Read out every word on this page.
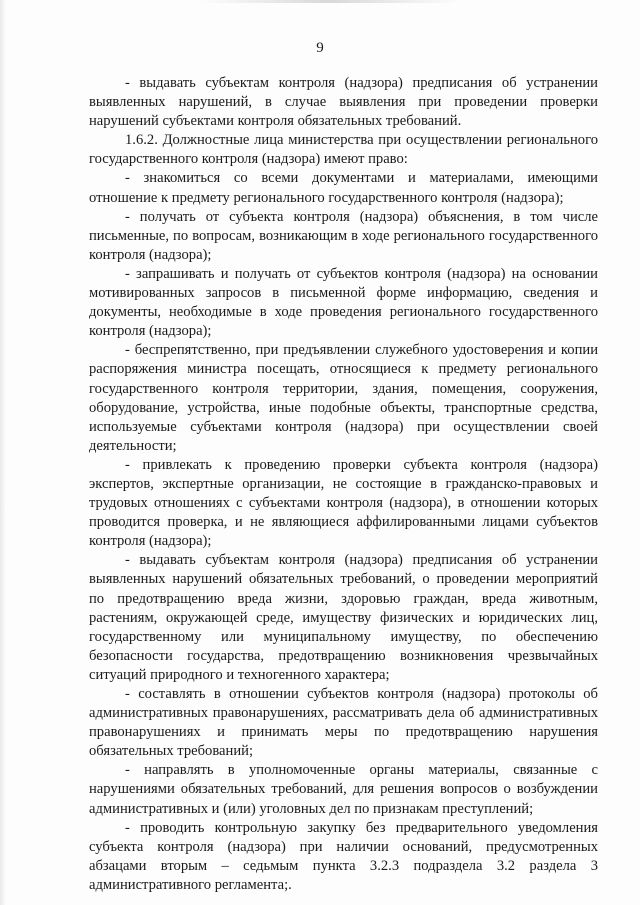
9

- выдавать субъектам контроля (надзора) предписания об устранении выявленных нарушений, в случае выявления при проведении проверки нарушений субъектами контроля обязательных требований.

1.6.2. Должностные лица министерства при осуществлении регионального государственного контроля (надзора) имеют право:

- знакомиться со всеми документами и материалами, имеющими отношение к предмету регионального государственного контроля (надзора);

- получать от субъекта контроля (надзора) объяснения, в том числе письменные, по вопросам, возникающим в ходе регионального государственного контроля (надзора);

- запрашивать и получать от субъектов контроля (надзора) на основании мотивированных запросов в письменной форме информацию, сведения и документы, необходимые в ходе проведения регионального государственного контроля (надзора);

- беспрепятственно, при предъявлении служебного удостоверения и копии распоряжения министра посещать, относящиеся к предмету регионального государственного контроля территории, здания, помещения, сооружения, оборудование, устройства, иные подобные объекты, транспортные средства, используемые субъектами контроля (надзора) при осуществлении своей деятельности;

- привлекать к проведению проверки субъекта контроля (надзора) экспертов, экспертные организации, не состоящие в гражданско-правовых и трудовых отношениях с субъектами контроля (надзора), в отношении которых проводится проверка, и не являющиеся аффилированными лицами субъектов контроля (надзора);

- выдавать субъектам контроля (надзора) предписания об устранении выявленных нарушений обязательных требований, о проведении мероприятий по предотвращению вреда жизни, здоровью граждан, вреда животным, растениям, окружающей среде, имуществу физических и юридических лиц, государственному или муниципальному имуществу, по обеспечению безопасности государства, предотвращению возникновения чрезвычайных ситуаций природного и техногенного характера;

- составлять в отношении субъектов контроля (надзора) протоколы об административных правонарушениях, рассматривать дела об административных правонарушениях и принимать меры по предотвращению нарушения обязательных требований;

- направлять в уполномоченные органы материалы, связанные с нарушениями обязательных требований, для решения вопросов о возбуждении административных и (или) уголовных дел по признакам преступлений;

- проводить контрольную закупку без предварительного уведомления субъекта контроля (надзора) при наличии оснований, предусмотренных абзацами вторым – седьмым пункта 3.2.3 подраздела 3.2 раздела 3 административного регламента;.
